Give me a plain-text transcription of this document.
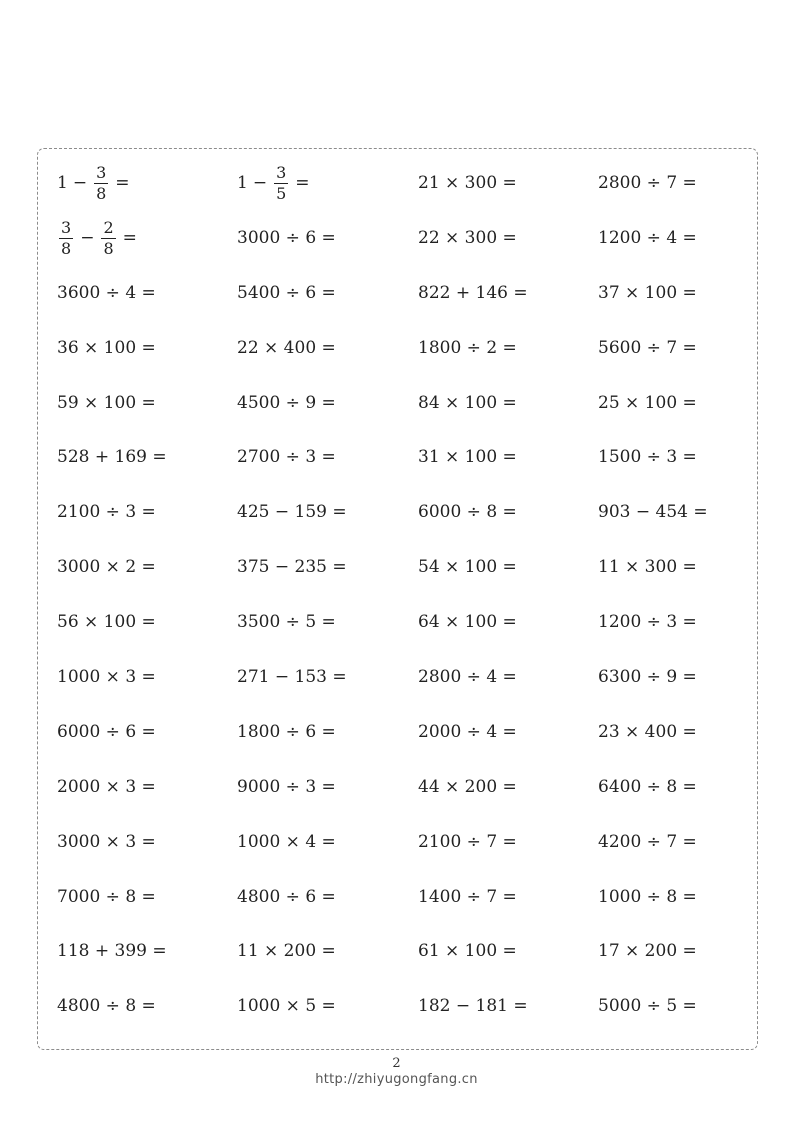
$1 - \frac{3}{8}$ =	$1 - \frac{3}{5}$ =	21 × 300 =	2800 ÷ 7 =
$\frac{3}{8} - \frac{2}{8}$ =	3000 ÷ 6 =	22 × 300 =	1200 ÷ 4 =
3600 ÷ 4 =	5400 ÷ 6 =	822 + 146 =	37 × 100 =
36 × 100 =	22 × 400 =	1800 ÷ 2 =	5600 ÷ 7 =
59 × 100 =	4500 ÷ 9 =	84 × 100 =	25 × 100 =
528 + 169 =	2700 ÷ 3 =	31 × 100 =	1500 ÷ 3 =
2100 ÷ 3 =	425 − 159 =	6000 ÷ 8 =	903 − 454 =
3000 × 2 =	375 − 235 =	54 × 100 =	11 × 300 =
56 × 100 =	3500 ÷ 5 =	64 × 100 =	1200 ÷ 3 =
1000 × 3 =	271 − 153 =	2800 ÷ 4 =	6300 ÷ 9 =
6000 ÷ 6 =	1800 ÷ 6 =	2000 ÷ 4 =	23 × 400 =
2000 × 3 =	9000 ÷ 3 =	44 × 200 =	6400 ÷ 8 =
3000 × 3 =	1000 × 4 =	2100 ÷ 7 =	4200 ÷ 7 =
7000 ÷ 8 =	4800 ÷ 6 =	1400 ÷ 7 =	1000 ÷ 8 =
118 + 399 =	11 × 200 =	61 × 100 =	17 × 200 =
4800 ÷ 8 =	1000 × 5 =	182 − 181 =	5000 ÷ 5 =
2
http://zhiyugongfang.cn
